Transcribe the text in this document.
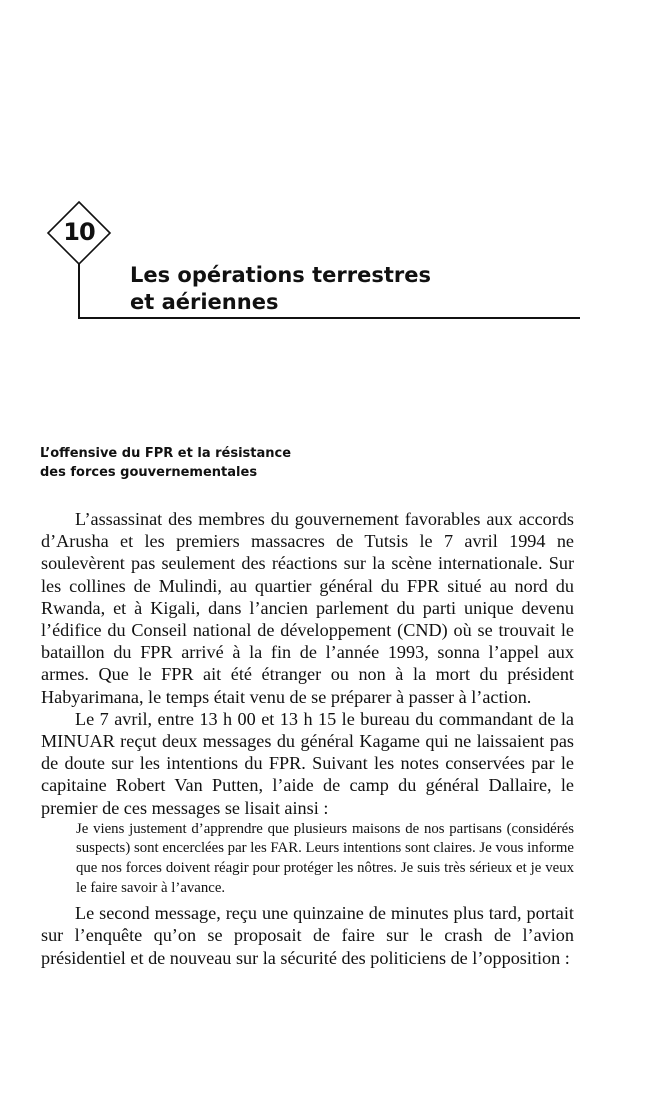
10
Les opérations terrestres
et aériennes
L’offensive du FPR et la résistance
des forces gouvernementales

L’assassinat des membres du gouvernement favorables aux accords d’Arusha et les premiers massacres de Tutsis le 7 avril 1994 ne soulevèrent pas seulement des réactions sur la scène internationale. Sur les collines de Mulindi, au quartier général du FPR situé au nord du Rwanda, et à Kigali, dans l’ancien parlement du parti unique devenu l’édifice du Conseil national de développement (CND) où se trouvait le bataillon du FPR arrivé à la fin de l’année 1993, sonna l’appel aux armes. Que le FPR ait été étranger ou non à la mort du président Habyarimana, le temps était venu de se préparer à passer à l’action.

Le 7 avril, entre 13 h 00 et 13 h 15 le bureau du commandant de la MINUAR reçut deux messages du général Kagame qui ne laissaient pas de doute sur les intentions du FPR. Suivant les notes conservées par le capitaine Robert Van Putten, l’aide de camp du général Dallaire, le premier de ces messages se lisait ainsi :

Je viens justement d’apprendre que plusieurs maisons de nos partisans (considérés suspects) sont encerclées par les FAR. Leurs intentions sont claires. Je vous informe que nos forces doivent réagir pour protéger les nôtres. Je suis très sérieux et je veux le faire savoir à l’avance.

Le second message, reçu une quinzaine de minutes plus tard, portait sur l’enquête qu’on se proposait de faire sur le crash de l’avion présidentiel et de nouveau sur la sécurité des politiciens de l’opposition :
